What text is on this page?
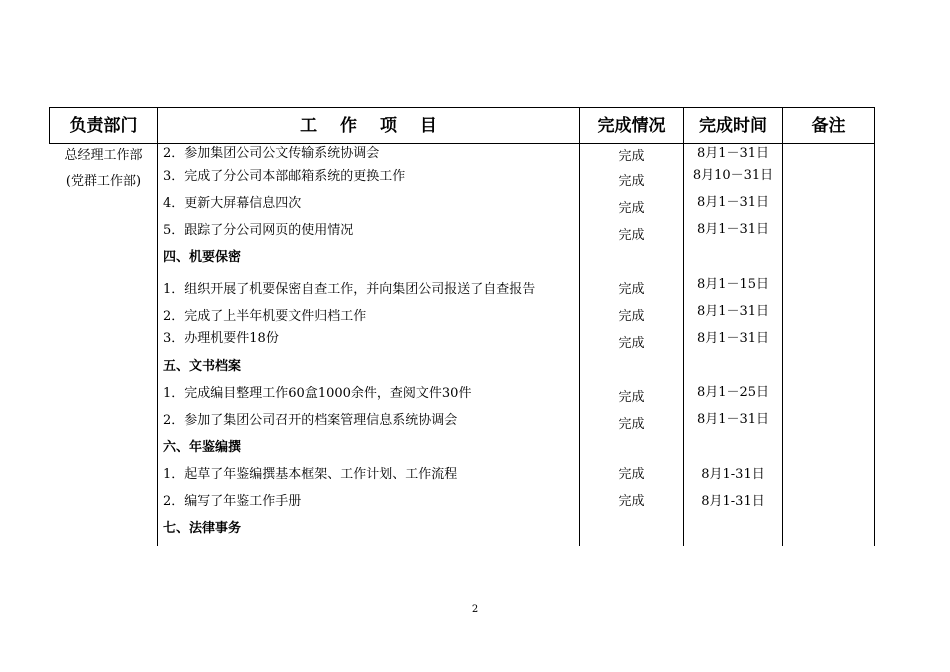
负责部门	工　 作　 项　 目	完成情况	完成时间	备注
总经理工作部
(党群工作部)
2．参加集团公司公文传输系统协调会	完成	8月1－31日
3．完成了分公司本部邮箱系统的更换工作	完成	8月10－31日
4．更新大屏幕信息四次	完成	8月1－31日
5．跟踪了分公司网页的使用情况	完成	8月1－31日
四、机要保密
1．组织开展了机要保密自查工作，并向集团公司报送了自查报告	完成	8月1－15日
2．完成了上半年机要文件归档工作	完成	8月1－31日
3．办理机要件18份	完成	8月1－31日
五、文书档案
1．完成编目整理工作60盒1000余件，查阅文件30件	完成	8月1－25日
2．参加了集团公司召开的档案管理信息系统协调会	完成	8月1－31日
六、年鉴编撰
1．起草了年鉴编撰基本框架、工作计划、工作流程	完成	8月1-31日
2．编写了年鉴工作手册	完成	8月1-31日
七、法律事务
2
